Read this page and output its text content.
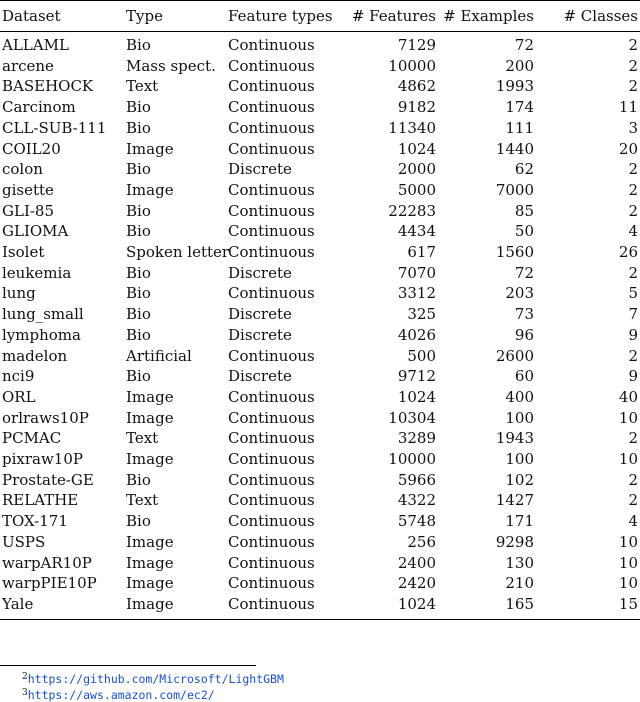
Dataset	Type	Feature types	# Features	# Examples	# Classes
ALLAML	Bio	Continuous	7129	72	2
arcene	Mass spect.	Continuous	10000	200	2
BASEHOCK	Text	Continuous	4862	1993	2
Carcinom	Bio	Continuous	9182	174	11
CLL-SUB-111	Bio	Continuous	11340	111	3
COIL20	Image	Continuous	1024	1440	20
colon	Bio	Discrete	2000	62	2
gisette	Image	Continuous	5000	7000	2
GLI-85	Bio	Continuous	22283	85	2
GLIOMA	Bio	Continuous	4434	50	4
Isolet	Spoken letter	Continuous	617	1560	26
leukemia	Bio	Discrete	7070	72	2
lung	Bio	Continuous	3312	203	5
lung_small	Bio	Discrete	325	73	7
lymphoma	Bio	Discrete	4026	96	9
madelon	Artificial	Continuous	500	2600	2
nci9	Bio	Discrete	9712	60	9
ORL	Image	Continuous	1024	400	40
orlraws10P	Image	Continuous	10304	100	10
PCMAC	Text	Continuous	3289	1943	2
pixraw10P	Image	Continuous	10000	100	10
Prostate-GE	Bio	Continuous	5966	102	2
RELATHE	Text	Continuous	4322	1427	2
TOX-171	Bio	Continuous	5748	171	4
USPS	Image	Continuous	256	9298	10
warpAR10P	Image	Continuous	2400	130	10
warpPIE10P	Image	Continuous	2420	210	10
Yale	Image	Continuous	1024	165	15
$^2$https://github.com/Microsoft/LightGBM
$^3$https://aws.amazon.com/ec2/
